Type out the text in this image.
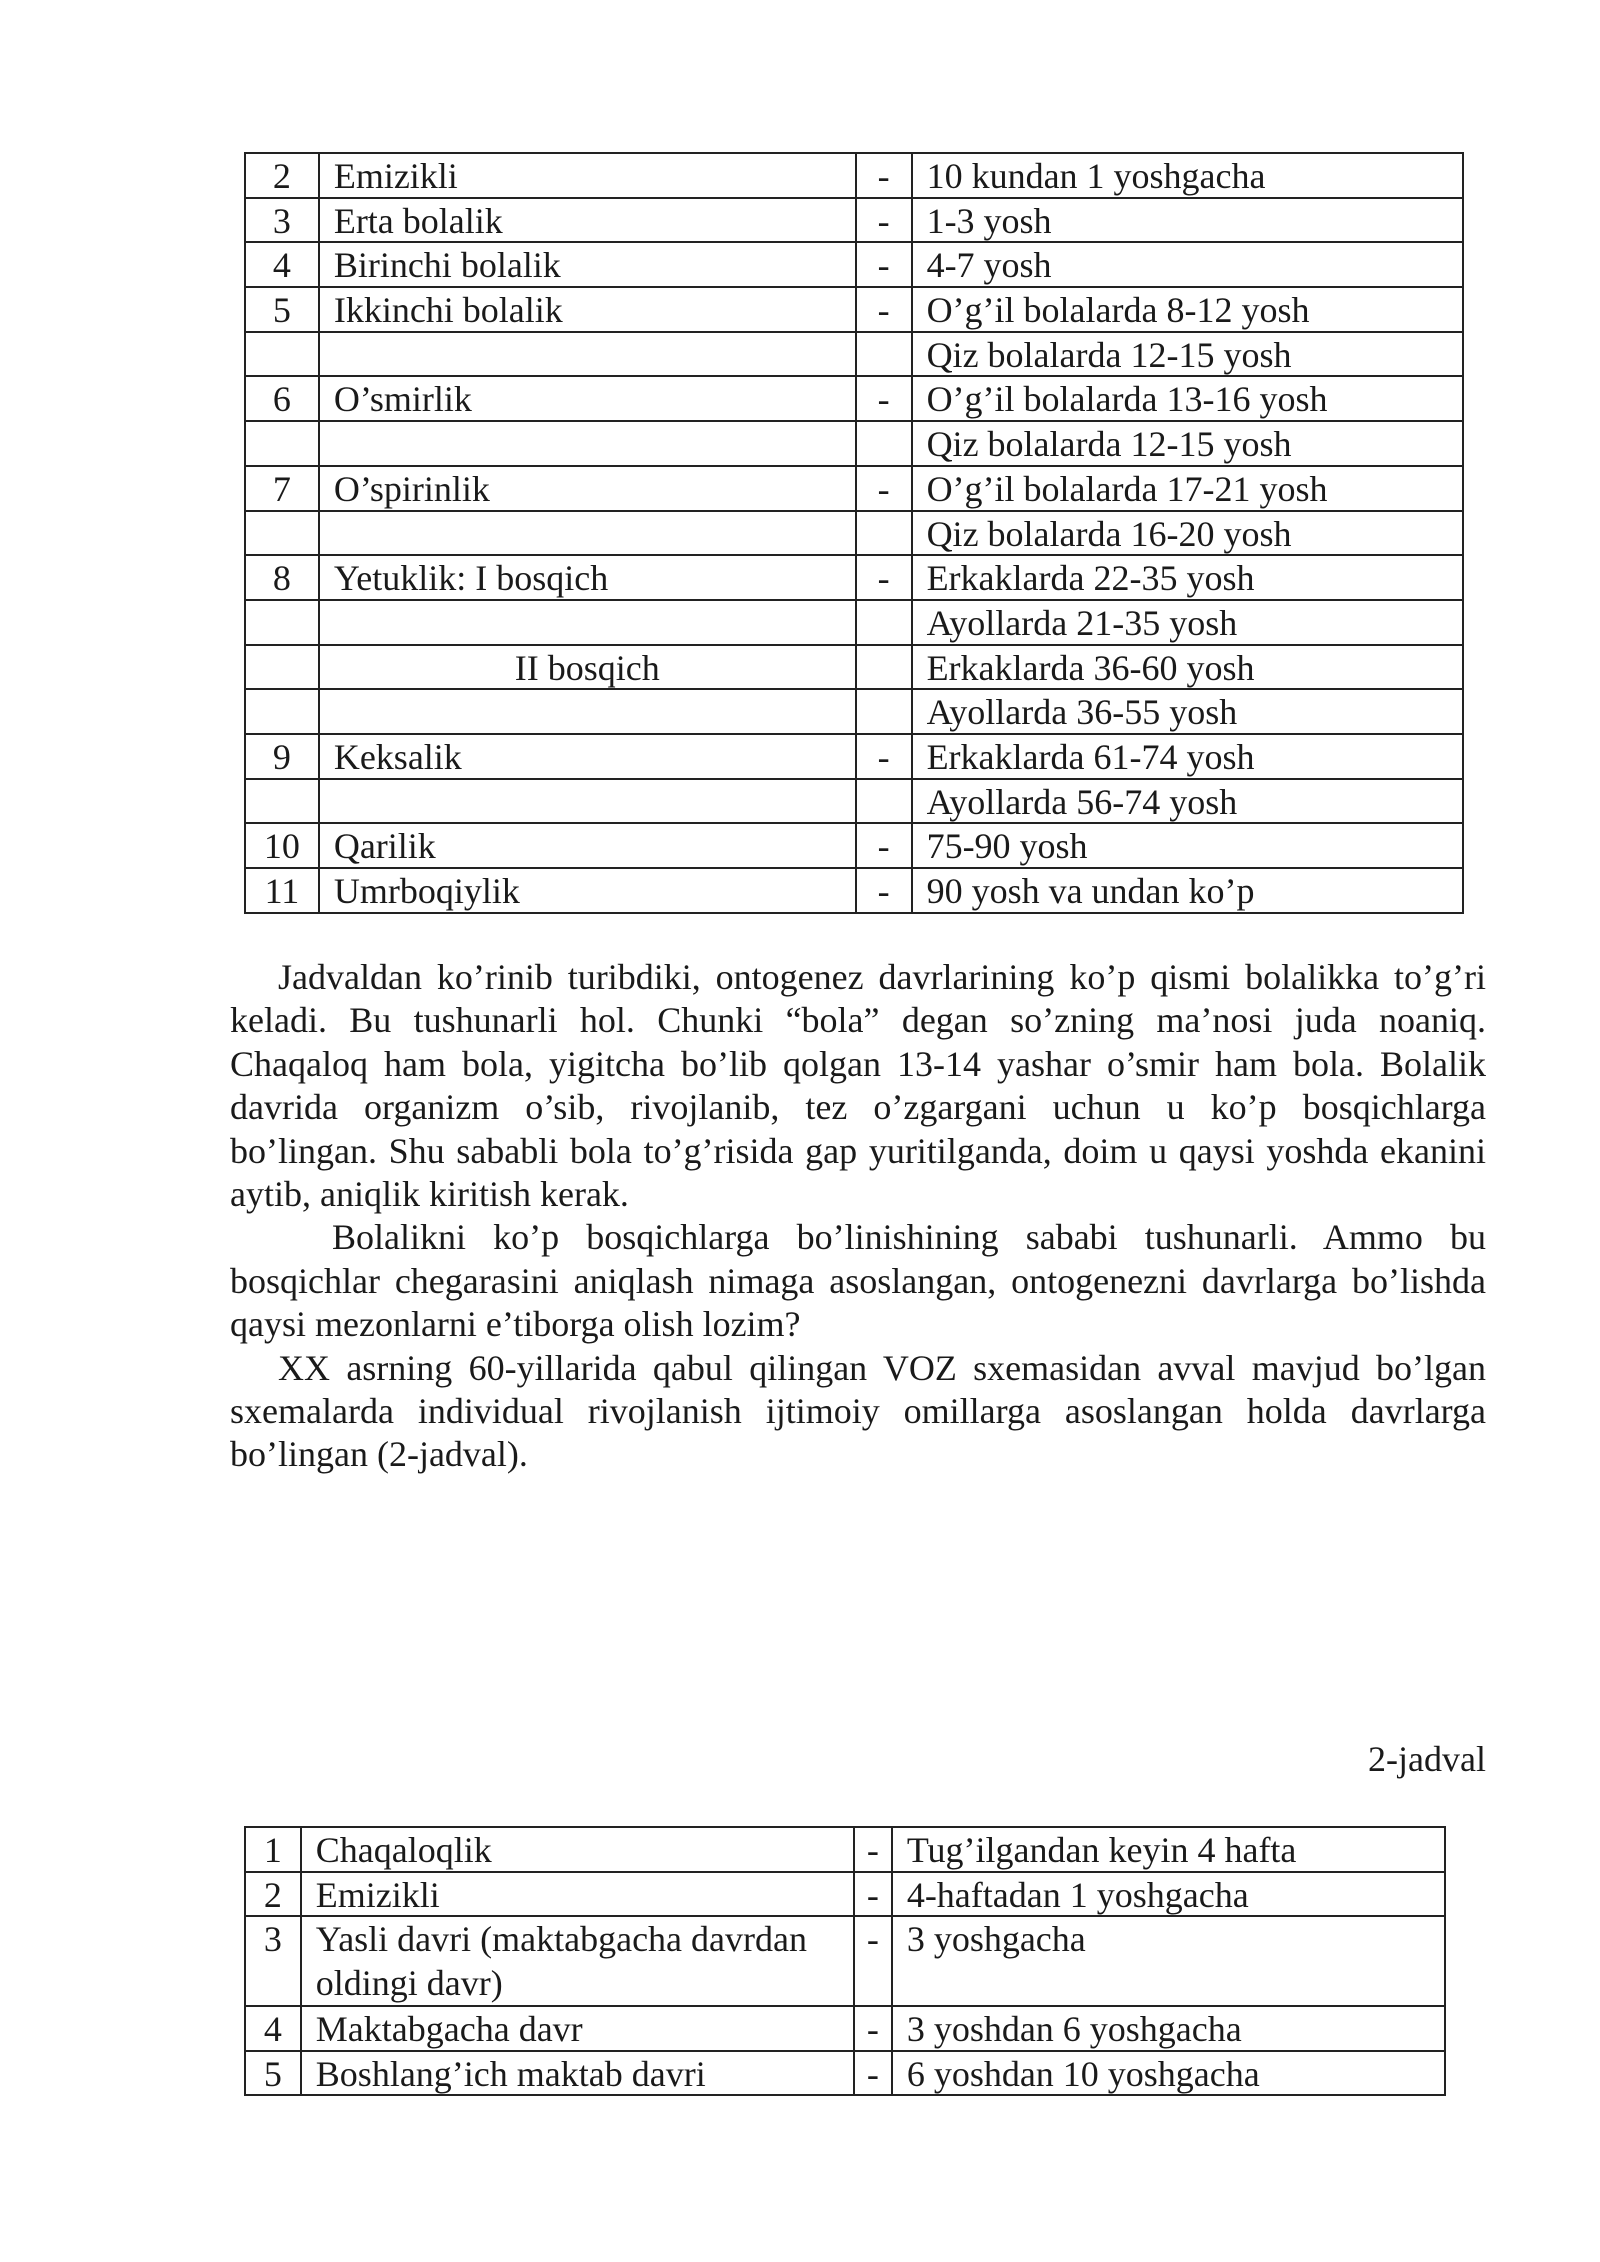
2	Emizikli	-	10 kundan 1 yoshgacha
3	Erta bolalik	-	1-3 yosh
4	Birinchi bolalik	-	4-7 yosh
5	Ikkinchi bolalik	-	O’g’il bolalarda 8-12 yosh
			Qiz bolalarda 12-15 yosh
6	O’smirlik	-	O’g’il bolalarda 13-16 yosh
			Qiz bolalarda 12-15 yosh
7	O’spirinlik	-	O’g’il bolalarda 17-21 yosh
			Qiz bolalarda 16-20 yosh
8	Yetuklik: I bosqich	-	Erkaklarda 22-35 yosh
			Ayollarda 21-35 yosh
	II bosqich		Erkaklarda 36-60 yosh
			Ayollarda 36-55 yosh
9	Keksalik	-	Erkaklarda 61-74 yosh
			Ayollarda 56-74 yosh
10	Qarilik	-	75-90 yosh
11	Umrboqiylik	-	90 yosh va undan ko’p

Jadvaldan ko’rinib turibdiki, ontogenez davrlarining ko’p qismi bolalikka to’g’ri keladi. Bu tushunarli hol. Chunki “bola” degan so’zning ma’nosi juda noaniq. Chaqaloq ham bola, yigitcha bo’lib qolgan 13-14 yashar o’smir ham bola. Bolalik davrida organizm o’sib, rivojlanib, tez o’zgargani uchun u ko’p bosqichlarga bo’lingan. Shu sababli bola to’g’risida gap yuritilganda, doim u qaysi yoshda ekanini aytib, aniqlik kiritish kerak.

Bolalikni ko’p bosqichlarga bo’linishining sababi tushunarli. Ammo bu bosqichlar chegarasini aniqlash nimaga asoslangan, ontogenezni davrlarga bo’lishda qaysi mezonlarni e’tiborga olish lozim?

XX asrning 60-yillarida qabul qilingan VOZ sxemasidan avval mavjud bo’lgan sxemalarda individual rivojlanish ijtimoiy omillarga asoslangan holda davrlarga bo’lingan (2-jadval).

2-jadval
1	Chaqaloqlik	-	Tug’ilgandan keyin 4 hafta
2	Emizikli	-	4-haftadan 1 yoshgacha
3	Yasli davri (maktabgacha davrdan oldingi davr)	-	3 yoshgacha
4	Maktabgacha davr	-	3 yoshdan 6 yoshgacha
5	Boshlang’ich maktab davri	-	6 yoshdan 10 yoshgacha
